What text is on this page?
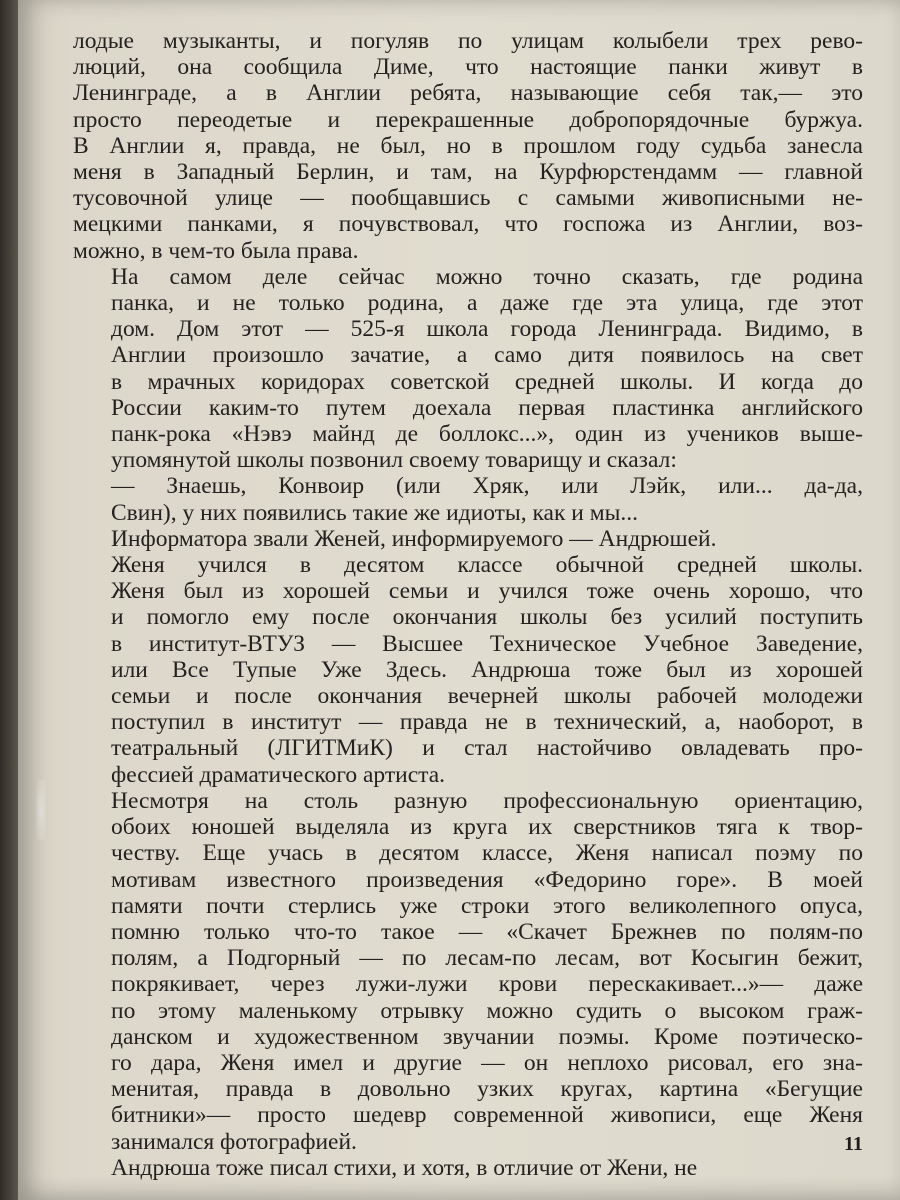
лодые музыканты, и погуляв по улицам колыбели трех рево-
люций, она сообщила Диме, что настоящие панки живут в
Ленинграде, а в Англии ребята, называющие себя так,— это
просто переодетые и перекрашенные добропорядочные буржуа.
В Англии я, правда, не был, но в прошлом году судьба занесла
меня в Западный Берлин, и там, на Курфюрстендамм — главной
тусовочной улице — пообщавшись с самыми живописными не-
мецкими панками, я почувствовал, что госпожа из Англии, воз-
можно, в чем-то была права.
На самом деле сейчас можно точно сказать, где родина
панка, и не только родина, а даже где эта улица, где этот
дом. Дом этот — 525-я школа города Ленинграда. Видимо, в
Англии произошло зачатие, а само дитя появилось на свет
в мрачных коридорах советской средней школы. И когда до
России каким-то путем доехала первая пластинка английского
панк-рока «Нэвэ майнд де боллокс...», один из учеников выше-
упомянутой школы позвонил своему товарищу и сказал:
— Знаешь, Конвоир (или Хряк, или Лэйк, или... да-да,
Свин), у них появились такие же идиоты, как и мы...
Информатора звали Женей, информируемого — Андрюшей.
Женя учился в десятом классе обычной средней школы.
Женя был из хорошей семьи и учился тоже очень хорошо, что
и помогло ему после окончания школы без усилий поступить
в институт-ВТУЗ — Высшее Техническое Учебное Заведение,
или Все Тупые Уже Здесь. Андрюша тоже был из хорошей
семьи и после окончания вечерней школы рабочей молодежи
поступил в институт — правда не в технический, а, наоборот, в
театральный (ЛГИТМиК) и стал настойчиво овладевать про-
фессией драматического артиста.
Несмотря на столь разную профессиональную ориентацию,
обоих юношей выделяла из круга их сверстников тяга к твор-
честву. Еще учась в десятом классе, Женя написал поэму по
мотивам известного произведения «Федорино горе». В моей
памяти почти стерлись уже строки этого великолепного опуса,
помню только что-то такое — «Скачет Брежнев по полям-по
полям, а Подгорный — по лесам-по лесам, вот Косыгин бежит,
покрякивает, через лужи-лужи крови перескакивает...»— даже
по этому маленькому отрывку можно судить о высоком граж-
данском и художественном звучании поэмы. Кроме поэтическо-
го дара, Женя имел и другие — он неплохо рисовал, его зна-
менитая, правда в довольно узких кругах, картина «Бегущие
битники»— просто шедевр современной живописи, еще Женя
занимался фотографией.
Андрюша тоже писал стихи, и хотя, в отличие от Жени, не
11
